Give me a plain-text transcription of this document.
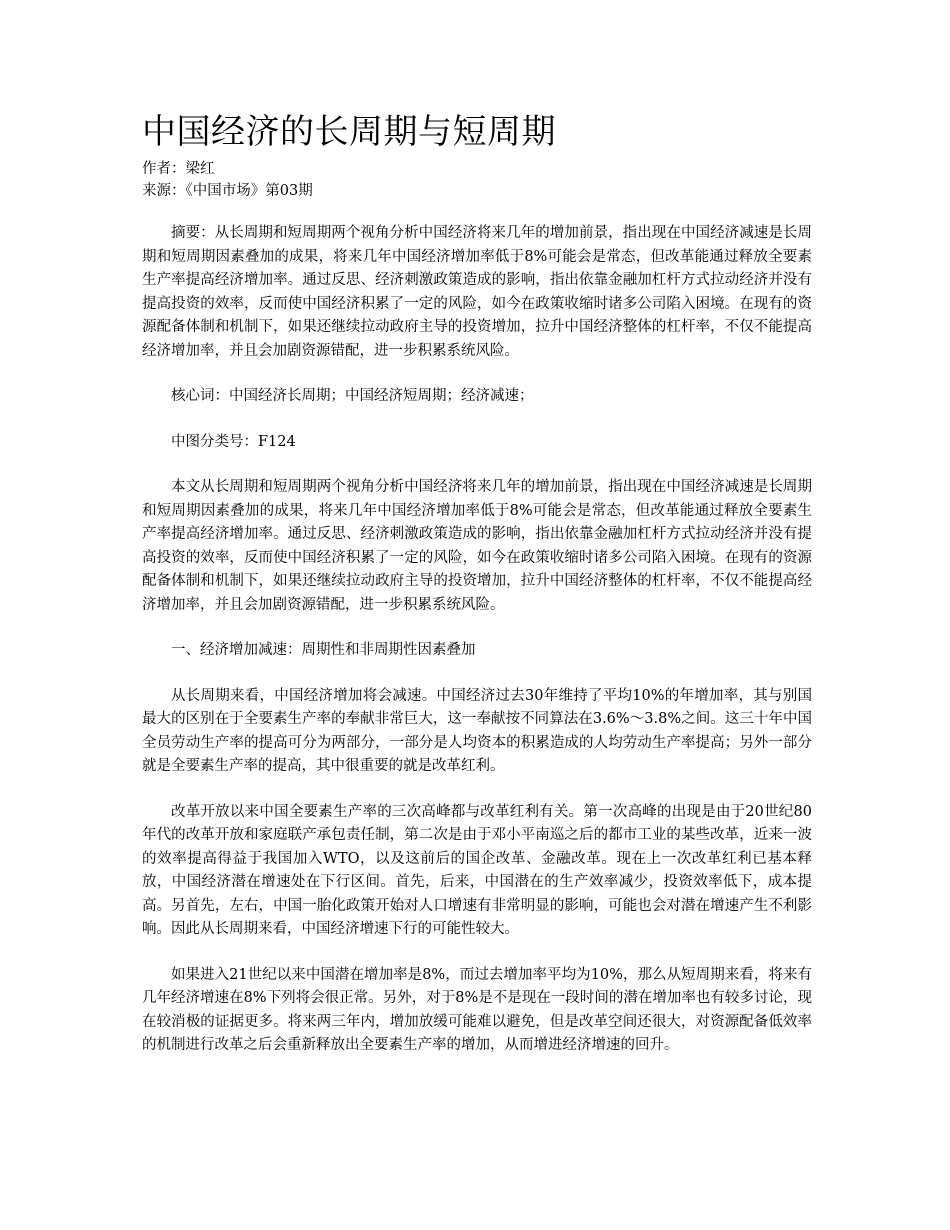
中国经济的长周期与短周期

作者：梁红

来源：《中国市场》第03期

摘要：从长周期和短周期两个视角分析中国经济将来几年的增加前景，指出现在中国经济减速是长周期和短周期因素叠加的成果，将来几年中国经济增加率低于8%可能会是常态，但改革能通过释放全要素生产率提高经济增加率。通过反思、经济刺激政策造成的影响，指出依靠金融加杠杆方式拉动经济并没有提高投资的效率，反而使中国经济积累了一定的风险，如今在政策收缩时诸多公司陷入困境。在现有的资源配备体制和机制下，如果还继续拉动政府主导的投资增加，拉升中国经济整体的杠杆率，不仅不能提高经济增加率，并且会加剧资源错配，进一步积累系统风险。

核心词：中国经济长周期；中国经济短周期；经济减速；

中图分类号：F124

本文从长周期和短周期两个视角分析中国经济将来几年的增加前景，指出现在中国经济减速是长周期和短周期因素叠加的成果，将来几年中国经济增加率低于8%可能会是常态，但改革能通过释放全要素生产率提高经济增加率。通过反思、经济刺激政策造成的影响，指出依靠金融加杠杆方式拉动经济并没有提高投资的效率，反而使中国经济积累了一定的风险，如今在政策收缩时诸多公司陷入困境。在现有的资源配备体制和机制下，如果还继续拉动政府主导的投资增加，拉升中国经济整体的杠杆率，不仅不能提高经济增加率，并且会加剧资源错配，进一步积累系统风险。

一、经济增加减速：周期性和非周期性因素叠加

从长周期来看，中国经济增加将会减速。中国经济过去30年维持了平均10%的年增加率，其与别国最大的区别在于全要素生产率的奉献非常巨大，这一奉献按不同算法在3.6%～3.8%之间。这三十年中国全员劳动生产率的提高可分为两部分，一部分是人均资本的积累造成的人均劳动生产率提高；另外一部分就是全要素生产率的提高，其中很重要的就是改革红利。

改革开放以来中国全要素生产率的三次高峰都与改革红利有关。第一次高峰的出现是由于20世纪80年代的改革开放和家庭联产承包责任制，第二次是由于邓小平南巡之后的都市工业的某些改革，近来一波的效率提高得益于我国加入WTO，以及这前后的国企改革、金融改革。现在上一次改革红利已基本释放，中国经济潜在增速处在下行区间。首先，后来，中国潜在的生产效率减少，投资效率低下，成本提高。另首先，左右，中国一胎化政策开始对人口增速有非常明显的影响，可能也会对潜在增速产生不利影响。因此从长周期来看，中国经济增速下行的可能性较大。

如果进入21世纪以来中国潜在增加率是8%，而过去增加率平均为10%，那么从短周期来看，将来有几年经济增速在8%下列将会很正常。另外，对于8%是不是现在一段时间的潜在增加率也有较多讨论，现在较消极的证据更多。将来两三年内，增加放缓可能难以避免，但是改革空间还很大，对资源配备低效率的机制进行改革之后会重新释放出全要素生产率的增加，从而增进经济增速的回升。
